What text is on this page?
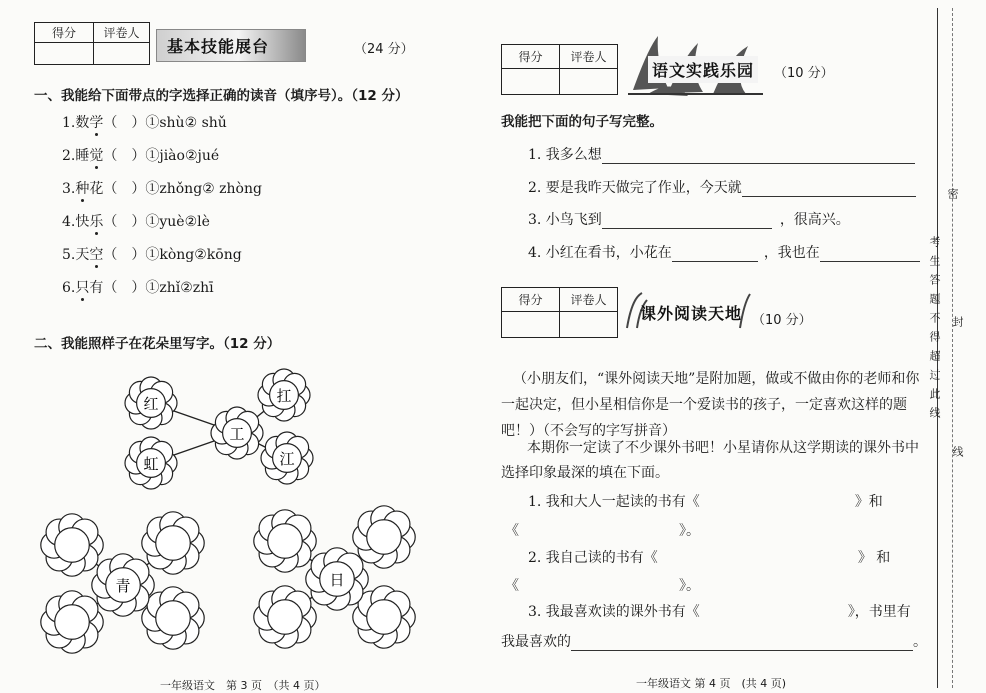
得分	评卷人

基本技能展台	（24 分）
一、我能给下面带点的字选择正确的读音（填序号）。（12 分）
1.数学（　）①shù② shǔ
2.睡觉（　）①jiào②jué
3.种花（　）①zhǒng② zhòng
4.快乐（　）①yuè②lè
5.天空（　）①kòng②kōng
6.只有（　）①zhǐ②zhī
二、我能照样子在花朵里写字。（12 分）
红	扛
虹	江
工
青	日
一年级语文　第 3 页　（共 4 页）
得分	评卷人

语文实践乐园	（10 分）
我能把下面的句子写完整。
1. 我多么想
2. 要是我昨天做完了作业，今天就
3. 小鸟飞到	，很高兴。
4. 小红在看书，小花在	，我也在
得分	评卷人

课外阅读天地 （10 分）
（小朋友们，“课外阅读天地”是附加题，做或不做由你的老师和你一起决定，但小星相信你是一个爱读书的孩子，一定喜欢这样的题吧！）（不会写的字写拼音）
本期你一定读了不少课外书吧！小星请你从这学期读的课外书中选择印象最深的填在下面。
1. 我和大人一起读的书有《	》和
《	》。
2. 我自己读的书有《	》 和
《	》。
3. 我最喜欢读的课外书有《	》，书里有
我最喜欢的	。
一年级语文 第 4 页　(共 4 页)
密
考生答题不得超过此线 封
线
